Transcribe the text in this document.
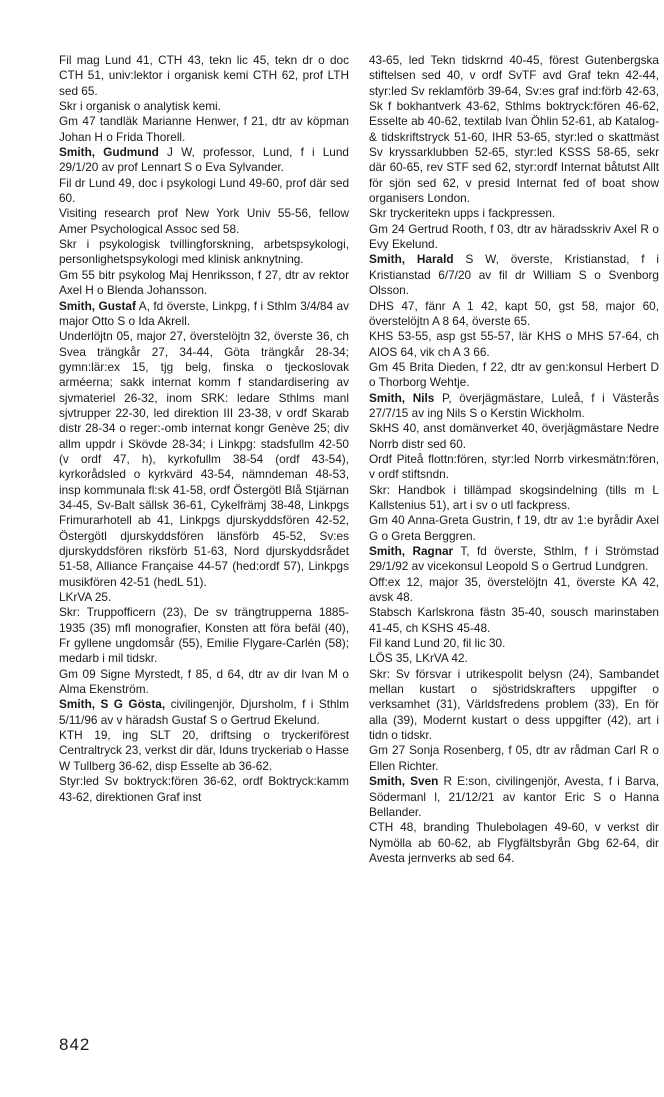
Fil mag Lund 41, CTH 43, tekn lic 45, tekn dr o doc CTH 51, univ:lektor i organisk kemi CTH 62, prof LTH sed 65.

Skr i organisk o analytisk kemi.

Gm 47 tandläk Marianne Henwer, f 21, dtr av köpman Johan H o Frida Thorell.

Smith, Gudmund J W, professor, Lund, f i Lund 29/1/20 av prof Lennart S o Eva Sylvander.

Fil dr Lund 49, doc i psykologi Lund 49-60, prof där sed 60.

Visiting research prof New York Univ 55-56, fellow Amer Psychological Assoc sed 58.

Skr i psykologisk tvillingforskning, arbetspsykologi, personlighetspsykologi med klinisk anknytning.

Gm 55 bitr psykolog Maj Henriksson, f 27, dtr av rektor Axel H o Blenda Johansson.

Smith, Gustaf A, fd överste, Linkpg, f i Sthlm 3/4/84 av major Otto S o Ida Akrell.

Underlöjtn 05, major 27, överstelöjtn 32, överste 36, ch Svea trängkår 27, 34-44, Göta trängkår 28-34; gymn:lär:ex 15, tjg belg, finska o tjeckoslovak arméerna; sakk internat komm f standardisering av sjvmateriel 26-32, inom SRK: ledare Sthlms manl sjvtrupper 22-30, led direktion III 23-38, v ordf Skarab distr 28-34 o reger:-omb internat kongr Genève 25; div allm uppdr i Skövde 28-34; i Linkpg: stadsfullm 42-50 (v ordf 47, h), kyrkofullm 38-54 (ordf 43-54), kyrkorådsled o kyrkvärd 43-54, nämndeman 48-53, insp kommunala fl:sk 41-58, ordf Östergötl Blå Stjärnan 34-45, Sv-Balt sällsk 36-61, Cykelfrämj 38-48, Linkpgs Frimurarhotell ab 41, Linkpgs djurskyddsfören 42-52, Östergötl djurskyddsfören länsförb 45-52, Sv:es djurskyddsfören riksförb 51-63, Nord djurskyddsrådet 51-58, Alliance Française 44-57 (hed:ordf 57), Linkpgs musikfören 42-51 (hedL 51).

LKrVA 25.

Skr: Truppofficern (23), De sv trängtrupperna 1885-1935 (35) mfl monografier, Konsten att föra befäl (40), Fr gyllene ungdomsår (55), Emilie Flygare-Carlén (58); medarb i mil tidskr.

Gm 09 Signe Myrstedt, f 85, d 64, dtr av dir Ivan M o Alma Ekenström.

Smith, S G Gösta, civilingenjör, Djursholm, f i Sthlm 5/11/96 av v häradsh Gustaf S o Gertrud Ekelund.

KTH 19, ing SLT 20, driftsing o tryckeriförest Centraltryck 23, verkst dir där, Iduns tryckeriab o Hasse W Tullberg 36-62, disp Esselte ab 36-62.

Styr:led Sv boktryck:fören 36-62, ordf Boktryck:kamm 43-62, direktionen Graf inst

43-65, led Tekn tidskrnd 40-45, förest Gutenbergska stiftelsen sed 40, v ordf SvTF avd Graf tekn 42-44, styr:led Sv reklamförb 39-64, Sv:es graf ind:förb 42-63, Sk f bokhantverk 43-62, Sthlms boktryck:fören 46-62, Esselte ab 40-62, textilab Ivan Öhlin 52-61, ab Katalog- & tidskriftstryck 51-60, IHR 53-65, styr:led o skattmäst Sv kryssarklubben 52-65, styr:led KSSS 58-65, sekr där 60-65, rev STF sed 62, styr:ordf Internat båtutst Allt för sjön sed 62, v presid Internat fed of boat show organisers London.

Skr tryckeritekn upps i fackpressen.

Gm 24 Gertrud Rooth, f 03, dtr av häradsskriv Axel R o Evy Ekelund.

Smith, Harald S W, överste, Kristianstad, f i Kristianstad 6/7/20 av fil dr William S o Svenborg Olsson.

DHS 47, fänr A 1 42, kapt 50, gst 58, major 60, överstelöjtn A 8 64, överste 65.

KHS 53-55, asp gst 55-57, lär KHS o MHS 57-64, ch AIOS 64, vik ch A 3 66.

Gm 45 Brita Dieden, f 22, dtr av gen:konsul Herbert D o Thorborg Wehtje.

Smith, Nils P, överjägmästare, Luleå, f i Västerås 27/7/15 av ing Nils S o Kerstin Wickholm.

SkHS 40, anst domänverket 40, överjägmästare Nedre Norrb distr sed 60.

Ordf Piteå flottn:fören, styr:led Norrb virkesmätn:fören, v ordf stiftsndn.

Skr: Handbok i tillämpad skogsindelning (tills m L Kallstenius 51), art i sv o utl fackpress.

Gm 40 Anna-Greta Gustrin, f 19, dtr av 1:e byrådir Axel G o Greta Berggren.

Smith, Ragnar T, fd överste, Sthlm, f i Strömstad 29/1/92 av vicekonsul Leopold S o Gertrud Lundgren.

Off:ex 12, major 35, överstelöjtn 41, överste KA 42, avsk 48.

Stabsch Karlskrona fästn 35-40, sousch marinstaben 41-45, ch KSHS 45-48.

Fil kand Lund 20, fil lic 30.

LÖS 35, LKrVA 42.

Skr: Sv försvar i utrikespolit belysn (24), Sambandet mellan kustart o sjöstridskrafters uppgifter o verksamhet (31), Världsfredens problem (33), En för alla (39), Modernt kustart o dess uppgifter (42), art i tidn o tidskr.

Gm 27 Sonja Rosenberg, f 05, dtr av rådman Carl R o Ellen Richter.

Smith, Sven R E:son, civilingenjör, Avesta, f i Barva, Södermanl l, 21/12/21 av kantor Eric S o Hanna Bellander.

CTH 48, branding Thulebolagen 49-60, v verkst dir Nymölla ab 60-62, ab Flygfältsbyrån Gbg 62-64, dir Avesta jernverks ab sed 64.

842
